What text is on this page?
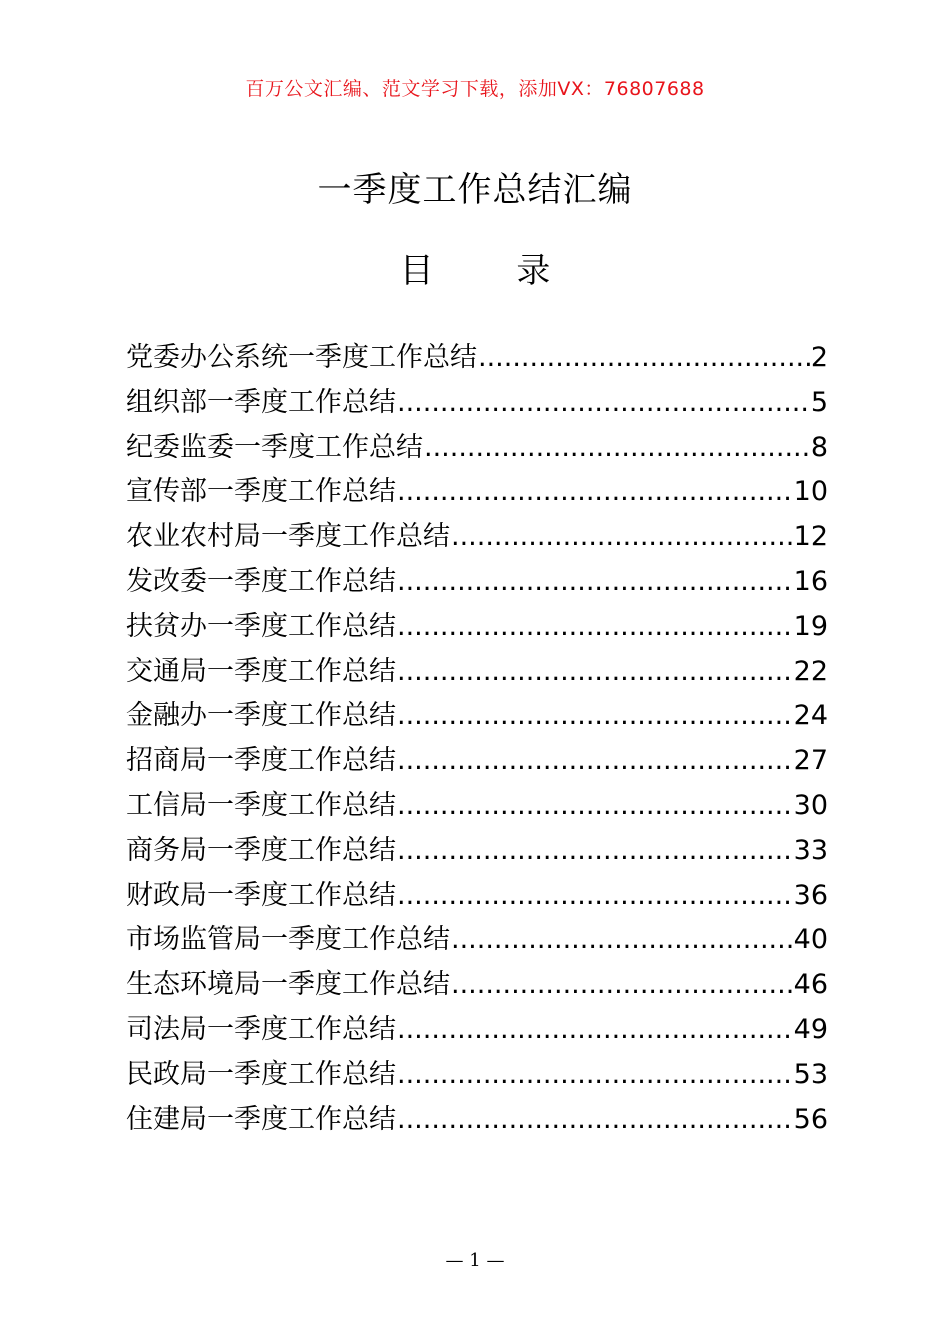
百万公文汇编、范文学习下载，添加VX：76807688
一季度工作总结汇编
目 录
党委办公系统一季度工作总结 .....	2
组织部一季度工作总结 .....	5
纪委监委一季度工作总结 .....	8
宣传部一季度工作总结 .....	10
农业农村局一季度工作总结 .....	12
发改委一季度工作总结 .....	16
扶贫办一季度工作总结 .....	19
交通局一季度工作总结 .....	22
金融办一季度工作总结 .....	24
招商局一季度工作总结 .....	27
工信局一季度工作总结 .....	30
商务局一季度工作总结 .....	33
财政局一季度工作总结 .....	36
市场监管局一季度工作总结 .....	40
生态环境局一季度工作总结 .....	46
司法局一季度工作总结 .....	49
民政局一季度工作总结 .....	53
住建局一季度工作总结 .....	56
— 1 —
